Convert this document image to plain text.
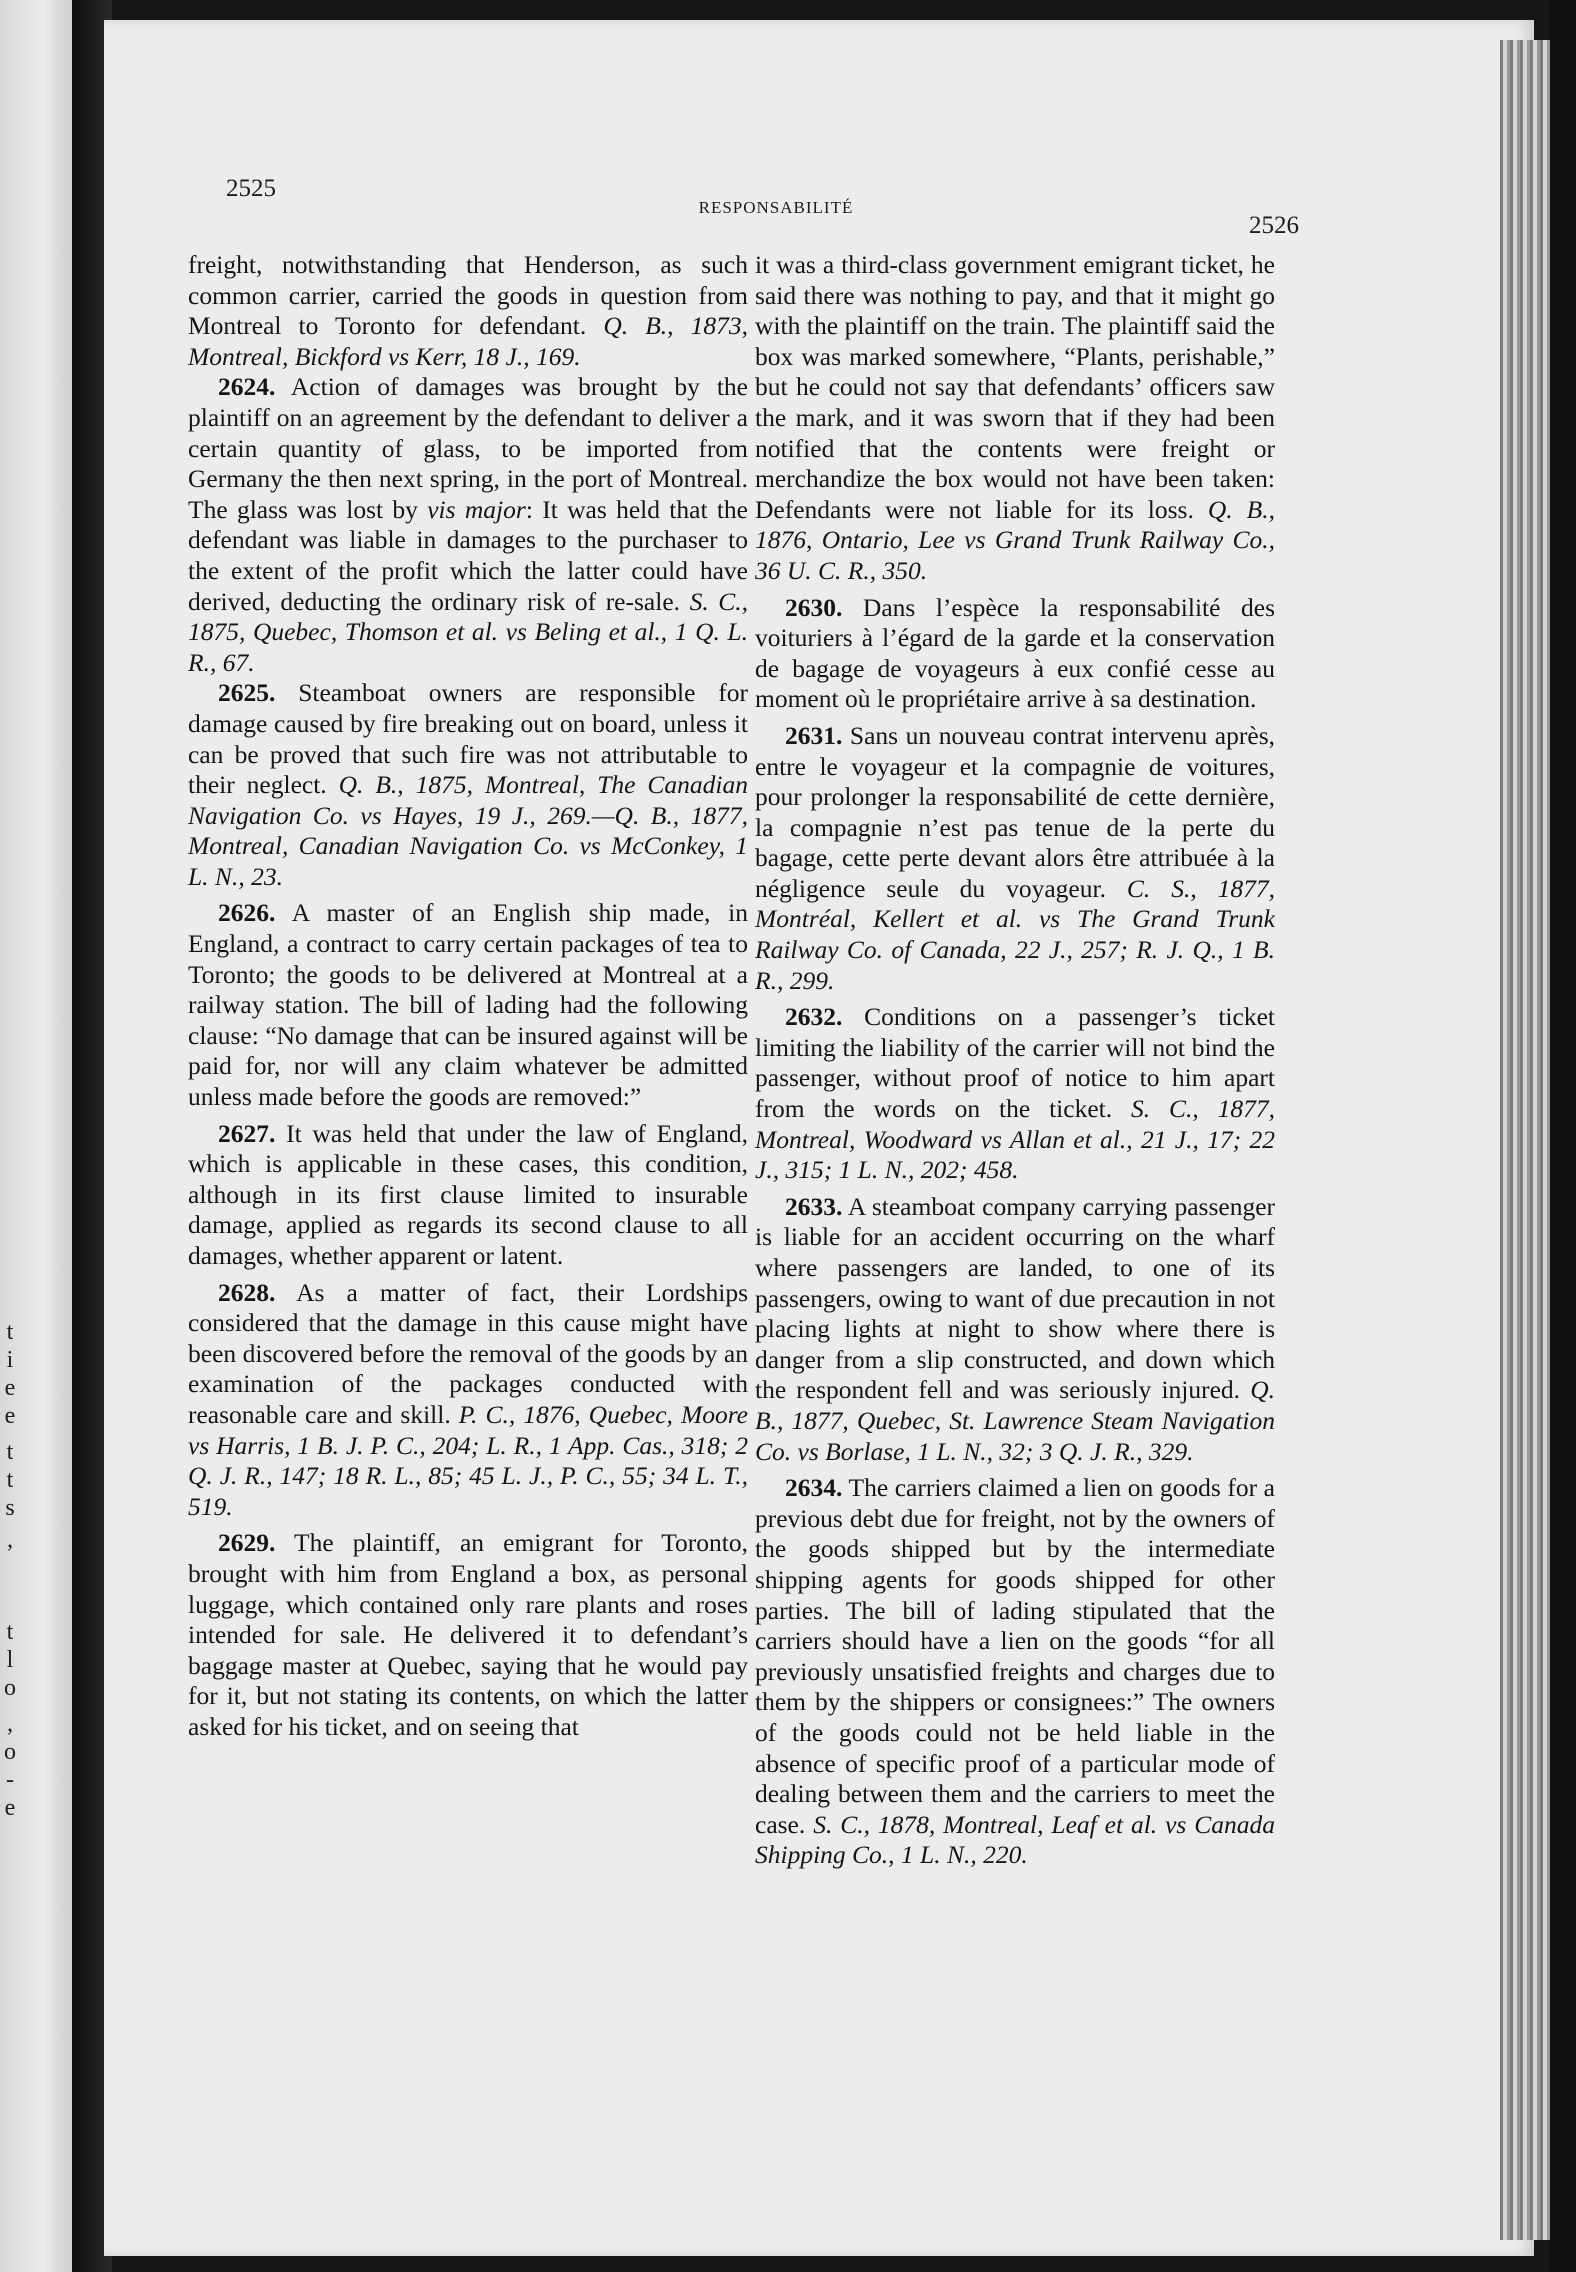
t
i
e
e
t
t
s
,
t
l
o
,
o
-
e
2525
RESPONSABILITÉ
2526

freight, notwithstanding that Henderson, as such common carrier, carried the goods in question from Montreal to Toronto for defendant. Q. B., 1873, Montreal, Bickford vs Kerr, 18 J., 169.

2624. Action of damages was brought by the plaintiff on an agreement by the defendant to deliver a certain quantity of glass, to be imported from Germany the then next spring, in the port of Montreal. The glass was lost by vis major: It was held that the defendant was liable in damages to the purchaser to the extent of the profit which the latter could have derived, deducting the ordinary risk of re-sale. S. C., 1875, Quebec, Thomson et al. vs Beling et al., 1 Q. L. R., 67.

2625. Steamboat owners are responsible for damage caused by fire breaking out on board, unless it can be proved that such fire was not attributable to their neglect. Q. B., 1875, Montreal, The Canadian Navigation Co. vs Hayes, 19 J., 269.—Q. B., 1877, Montreal, Canadian Navigation Co. vs McConkey, 1 L. N., 23.

2626. A master of an English ship made, in England, a contract to carry certain packages of tea to Toronto; the goods to be delivered at Montreal at a railway station. The bill of lading had the following clause: “No damage that can be insured against will be paid for, nor will any claim whatever be admitted unless made before the goods are removed:”

2627. It was held that under the law of England, which is applicable in these cases, this condition, although in its first clause limited to insurable damage, applied as regards its second clause to all damages, whether apparent or latent.

2628. As a matter of fact, their Lordships considered that the damage in this cause might have been discovered before the removal of the goods by an examination of the packages conducted with reasonable care and skill. P. C., 1876, Quebec, Moore vs Harris, 1 B. J. P. C., 204; L. R., 1 App. Cas., 318; 2 Q. J. R., 147; 18 R. L., 85; 45 L. J., P. C., 55; 34 L. T., 519.

2629. The plaintiff, an emigrant for Toronto, brought with him from England a box, as personal luggage, which contained only rare plants and roses intended for sale. He delivered it to defendant’s baggage master at Quebec, saying that he would pay for it, but not stating its contents, on which the latter asked for his ticket, and on seeing that

it was a third-class government emigrant ticket, he said there was nothing to pay, and that it might go with the plaintiff on the train. The plaintiff said the box was marked somewhere, “Plants, perishable,” but he could not say that defendants’ officers saw the mark, and it was sworn that if they had been notified that the contents were freight or merchandize the box would not have been taken: Defendants were not liable for its loss. Q. B., 1876, Ontario, Lee vs Grand Trunk Railway Co., 36 U. C. R., 350.

2630. Dans l’espèce la responsabilité des voituriers à l’égard de la garde et la conservation de bagage de voyageurs à eux confié cesse au moment où le propriétaire arrive à sa destination.

2631. Sans un nouveau contrat intervenu après, entre le voyageur et la compagnie de voitures, pour prolonger la responsabilité de cette dernière, la compagnie n’est pas tenue de la perte du bagage, cette perte devant alors être attribuée à la négligence seule du voyageur. C. S., 1877, Montréal, Kellert et al. vs The Grand Trunk Railway Co. of Canada, 22 J., 257; R. J. Q., 1 B. R., 299.

2632. Conditions on a passenger’s ticket limiting the liability of the carrier will not bind the passenger, without proof of notice to him apart from the words on the ticket. S. C., 1877, Montreal, Woodward vs Allan et al., 21 J., 17; 22 J., 315; 1 L. N., 202; 458.

2633. A steamboat company carrying passenger is liable for an accident occurring on the wharf where passengers are landed, to one of its passengers, owing to want of due precaution in not placing lights at night to show where there is danger from a slip constructed, and down which the respondent fell and was seriously injured. Q. B., 1877, Quebec, St. Lawrence Steam Navigation Co. vs Borlase, 1 L. N., 32; 3 Q. J. R., 329.

2634. The carriers claimed a lien on goods for a previous debt due for freight, not by the owners of the goods shipped but by the intermediate shipping agents for goods shipped for other parties. The bill of lading stipulated that the carriers should have a lien on the goods “for all previously unsatisfied freights and charges due to them by the shippers or consignees:” The owners of the goods could not be held liable in the absence of specific proof of a particular mode of dealing between them and the carriers to meet the case. S. C., 1878, Montreal, Leaf et al. vs Canada Shipping Co., 1 L. N., 220.
